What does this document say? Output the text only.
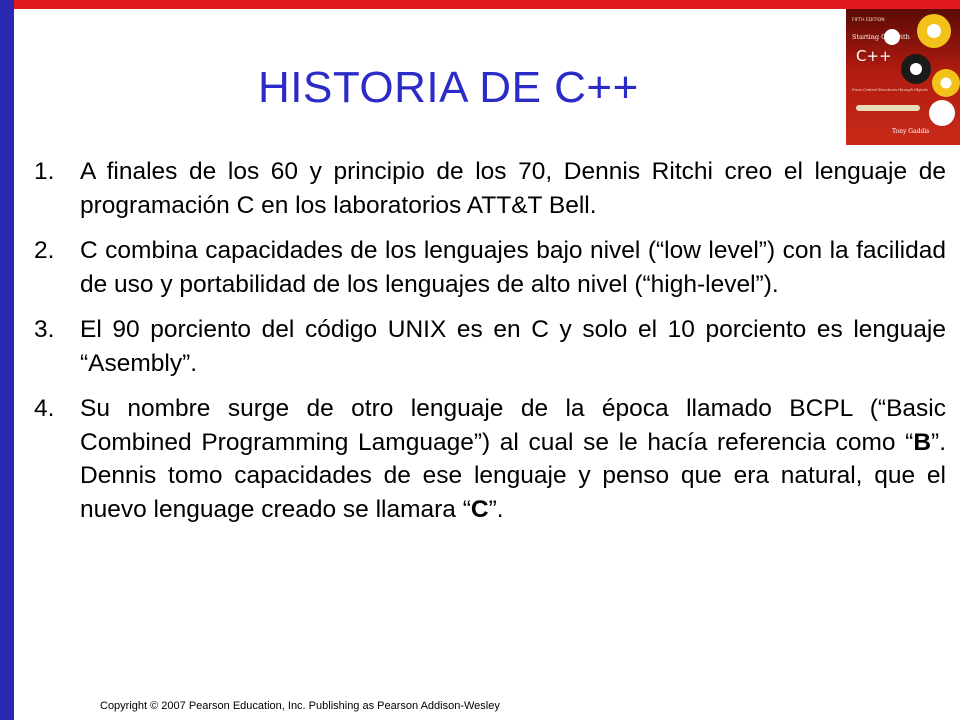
HISTORIA DE C++
FIFTH EDITION
Starting Out with
C++
From Control Structures through Objects
Tony Gaddis
1.	A finales de los 60 y principio de los 70, Dennis Ritchi creo el lenguaje de programación C en los laboratorios ATT&T Bell.
2.	C combina capacidades de los lenguajes bajo nivel (“low level”) con la facilidad de uso y portabilidad de los lenguajes de alto nivel (“high-level”).
3.	El 90 porciento del código UNIX es en C y solo el 10 porciento es lenguaje “Asembly”.
4.	Su nombre surge de otro lenguaje de la época llamado BCPL (“Basic Combined Programming Lamguage”) al cual se le hacía referencia como “B”. Dennis tomo capacidades de ese lenguaje y penso que era natural, que el nuevo lenguage creado se llamara “C”.
Copyright © 2007 Pearson Education, Inc. Publishing as Pearson Addison-Wesley
